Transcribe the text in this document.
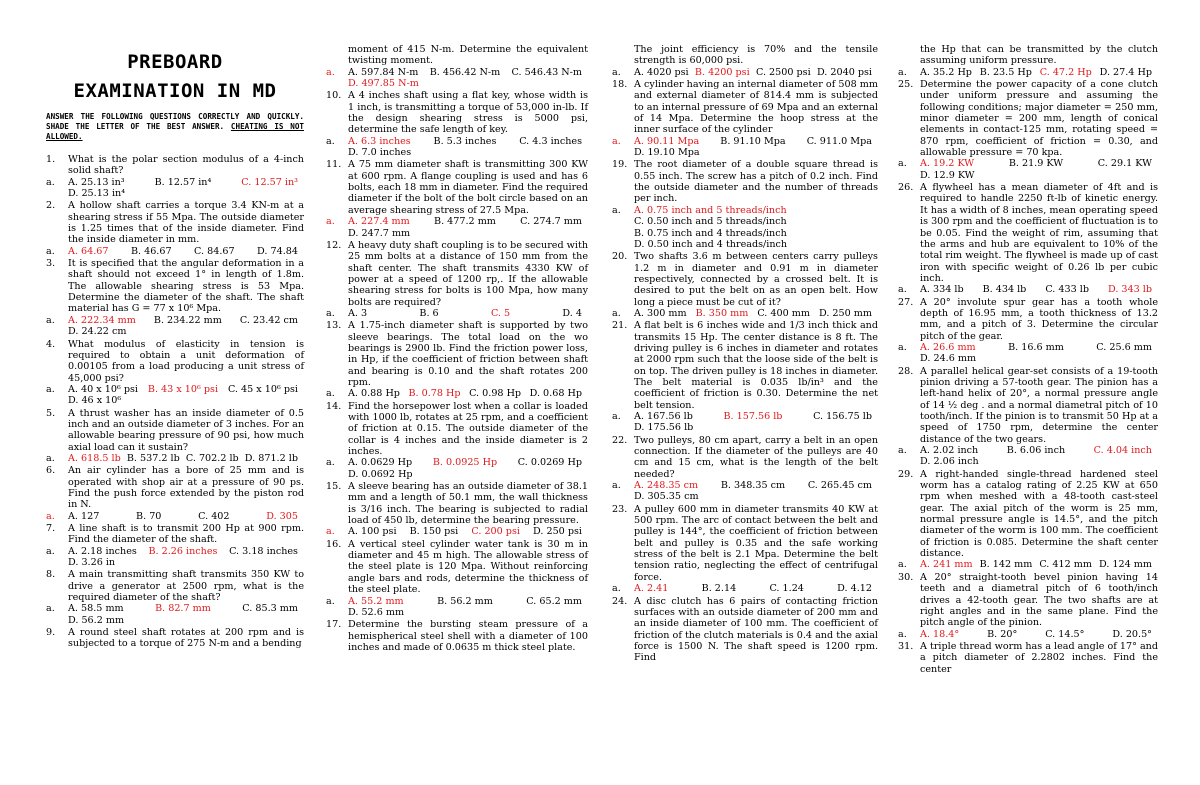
PREBOARD
EXAMINATION IN MD
ANSWER THE FOLLOWING QUESTIONS CORRECTLY AND QUICKLY. SHADE THE LETTER OF THE BEST ANSWER. CHEATING IS NOT ALLOWED.
1.	What is the polar section modulus of a 4-inch solid shaft?
a.	A. 25.13 in³	B. 12.57 in⁴	C. 12.57 in³
D. 25.13 in⁴
2.	A hollow shaft carries a torque 3.4 KN-m at a shearing stress if 55 Mpa. The outside diameter is 1.25 times that of the inside diameter. Find the inside diameter in mm.
a.	A. 64.67 B. 46.67 C. 84.67 D. 74.84
3.	It is specified that the angular deformation in a shaft should not exceed 1° in length of 1.8m. The allowable shearing stress is 53 Mpa. Determine the diameter of the shaft. The shaft material has G = 77 x 10⁶ Mpa.
a.	A. 222.34 mm B. 234.22 mm C. 23.42 cm
D. 24.22 cm
4.	What modulus of elasticity in tension is required to obtain a unit deformation of 0.00105 from a load producing a unit stress of 45,000 psi?
a.	A. 40 x 10⁶ psi B. 43 x 10⁶ psi C. 45 x 10⁶ psi
D. 46 x 10⁶
5.	A thrust washer has an inside diameter of 0.5 inch and an outside diameter of 3 inches. For an allowable bearing pressure of 90 psi, how much axial load can it sustain?
a.	A. 618.5 lb B. 537.2 lb C. 702.2 lb D. 871.2 lb
6.	An air cylinder has a bore of 25 mm and is operated with shop air at a pressure of 90 ps. Find the push force extended by the piston rod in N.
a.	A. 127	B. 70	C. 402	D. 305
7.	A line shaft is to transmit 200 Hp at 900 rpm. Find the diameter of the shaft.
a.	A. 2.18 inches B. 2.26 inches C. 3.18 inches
D. 3.26 in
8.	A main transmitting shaft transmits 350 KW to drive a generator at 2500 rpm, what is the required diameter of the shaft?
a.	A. 58.5 mm	B. 82.7 mm	C. 85.3 mm
D. 56.2 mm
9.	A round steel shaft rotates at 200 rpm and is subjected to a torque of 275 N-m and a bending
moment of 415 N-m. Determine the equivalent twisting moment.
a.	A. 597.84 N-m B. 456.42 N-m C. 546.43 N-m
D. 497.85 N-m
10. A 4 inches shaft using a flat key, whose width is 1 inch, is transmitting a torque of 53,000 in-lb. If the design shearing stress is 5000 psi, determine the safe length of key.
a.	A. 6.3 inches B. 5.3 inches C. 4.3 inches
D. 7.0 inches
11. A 75 mm diameter shaft is transmitting 300 KW at 600 rpm. A flange coupling is used and has 6 bolts, each 18 mm in diameter. Find the required diameter if the bolt of the bolt circle based on an average shearing stress of 27.5 Mpa.
a.	A. 227.4 mm	B. 477.2 mm	C. 274.7 mm
D. 247.7 mm
12. A heavy duty shaft coupling is to be secured with 25 mm bolts at a distance of 150 mm from the shaft center. The shaft transmits 4330 KW of power at a speed of 1200 rp,. If the allowable shearing stress for bolts is 100 Mpa, how many bolts are required?
a.	A. 3	B. 6	C. 5	D. 4
13. A 1.75-inch diameter shaft is supported by two sleeve bearings. The total load on the wo bearings is 2900 lb. Find the friction power loss, in Hp, if the coefficient of friction between shaft and bearing is 0.10 and the shaft rotates 200 rpm.
a.	A. 0.88 Hp B. 0.78 Hp C. 0.98 Hp D. 0.68 Hp
14. Find the horsepower lost when a collar is loaded with 1000 lb, rotates at 25 rpm, and a coefficient of friction at 0.15. The outside diameter of the collar is 4 inches and the inside diameter is 2 inches.
a.	A. 0.0629 Hp B. 0.0925 Hp C. 0.0269 Hp
D. 0.0692 Hp
15. A sleeve bearing has an outside diameter of 38.1 mm and a length of 50.1 mm, the wall thickness is 3/16 inch. The bearing is subjected to radial load of 450 lb, determine the bearing pressure.
a.	A. 100 psi B. 150 psi C. 200 psi D. 250 psi
16. A vertical steel cylinder water tank is 30 m in diameter and 45 m high. The allowable stress of the steel plate is 120 Mpa. Without reinforcing angle bars and rods, determine the thickness of the steel plate.
a.	A. 55.2 mm	B. 56.2 mm	C. 65.2 mm
D. 52.6 mm
17. Determine the bursting steam pressure of a hemispherical steel shell with a diameter of 100 inches and made of 0.0635 m thick steel plate.
The joint efficiency is 70% and the tensile strength is 60,000 psi.
a.	A. 4020 psi B. 4200 psi C. 2500 psi D. 2040 psi
18. A cylinder having an internal diameter of 508 mm and external diameter of 814.4 mm is subjected to an internal pressure of 69 Mpa and an external of 14 Mpa. Determine the hoop stress at the inner surface of the cylinder
a.	A. 90.11 Mpa B. 91.10 Mpa C. 911.0 Mpa
D. 19.10 Mpa
19. The root diameter of a double square thread is 0.55 inch. The screw has a pitch of 0.2 inch. Find the outside diameter and the number of threads per inch.
a.	A. 0.75 inch and 5 threads/inch
C. 0.50 inch and 5 threads/inch
B. 0.75 inch and 4 threads/inch
D. 0.50 inch and 4 threads/inch
20. Two shafts 3.6 m between centers carry pulleys 1.2 m in diameter and 0.91 m in diameter respectively, connected by a crossed belt. It is desired to put the belt on as an open belt. How long a piece must be cut of it?
a.	A. 300 mm B. 350 mm C. 400 mm D. 250 mm
21. A flat belt is 6 inches wide and 1/3 inch thick and transmits 15 Hp. The center distance is 8 ft. The driving pulley is 6 inches in diameter and rotates at 2000 rpm such that the loose side of the belt is on top. The driven pulley is 18 inches in diameter. The belt material is 0.035 lb/in³ and the coefficient of friction is 0.30. Determine the net belt tension.
a.	A. 167.56 lb	B. 157.56 lb	C. 156.75 lb
D. 175.56 lb
22. Two pulleys, 80 cm apart, carry a belt in an open connection. If the diameter of the pulleys are 40 cm and 15 cm, what is the length of the belt needed?
a.	A. 248.35 cm B. 348.35 cm C. 265.45 cm
D. 305.35 cm
23. A pulley 600 mm in diameter transmits 40 KW at 500 rpm. The arc of contact between the belt and pulley is 144°, the coefficient of friction between belt and pulley is 0.35 and the safe working stress of the belt is 2.1 Mpa. Determine the belt tension ratio, neglecting the effect of centrifugal force.
a.	A. 2.41	B. 2.14	C. 1.24	D. 4.12
24. A disc clutch has 6 pairs of contacting friction surfaces with an outside diameter of 200 mm and an inside diameter of 100 mm. The coefficient of friction of the clutch materials is 0.4 and the axial force is 1500 N. The shaft speed is 1200 rpm. Find
the Hp that can be transmitted by the clutch assuming uniform pressure.
a.	A. 35.2 Hp B. 23.5 Hp C. 47.2 Hp D. 27.4 Hp
25. Determine the power capacity of a cone clutch under uniform pressure and assuming the following conditions; major diameter = 250 mm, minor diameter = 200 mm, length of conical elements in contact-125 mm, rotating speed = 870 rpm, coefficient of friction = 0.30, and allowable pressure = 70 kpa.
a.	A. 19.2 KW	B. 21.9 KW	C. 29.1 KW
D. 12.9 KW
26. A flywheel has a mean diameter of 4ft and is required to handle 2250 ft-lb of kinetic energy. It has a width of 8 inches, mean operating speed is 300 rpm and the coefficient of fluctuation is to be 0.05. Find the weight of rim, assuming that the arms and hub are equivalent to 10% of the total rim weight. The flywheel is made up of cast iron with specific weight of 0.26 lb per cubic inch.
a.	A. 334 lb B. 434 lb C. 433 lb D. 343 lb
27. A 20° involute spur gear has a tooth whole depth of 16.95 mm, a tooth thickness of 13.2 mm, and a pitch of 3. Determine the circular pitch of the gear.
a.	A. 26.6 mm	B. 16.6 mm	C. 25.6 mm
D. 24.6 mm
28. A parallel helical gear-set consists of a 19-tooth pinion driving a 57-tooth gear. The pinion has a left-hand helix of 20°, a normal pressure angle of 14 ½ deg . and a normal diametral pitch of 10 tooth/inch. If the pinion is to transmit 50 Hp at a speed of 1750 rpm, determine the center distance of the two gears.
a.	A. 2.02 inch	B. 6.06 inch	C. 4.04 inch
D. 2.06 inch
29. A right-handed single-thread hardened steel worm has a catalog rating of 2.25 KW at 650 rpm when meshed with a 48-tooth cast-steel gear. The axial pitch of the worm is 25 mm, normal pressure angle is 14.5°, and the pitch diameter of the worm is 100 mm. The coefficient of friction is 0.085. Determine the shaft center distance.
a.	A. 241 mm B. 142 mm C. 412 mm D. 124 mm
30. A 20° straight-tooth bevel pinion having 14 teeth and a diametral pitch of 6 tooth/inch drives a 42-tooth gear. The two shafts are at right angles and in the same plane. Find the pitch angle of the pinion.
a.	A. 18.4°	B. 20°	C. 14.5°	D. 20.5°
31. A triple thread worm has a lead angle of 17° and a pitch diameter of 2.2802 inches. Find the center
